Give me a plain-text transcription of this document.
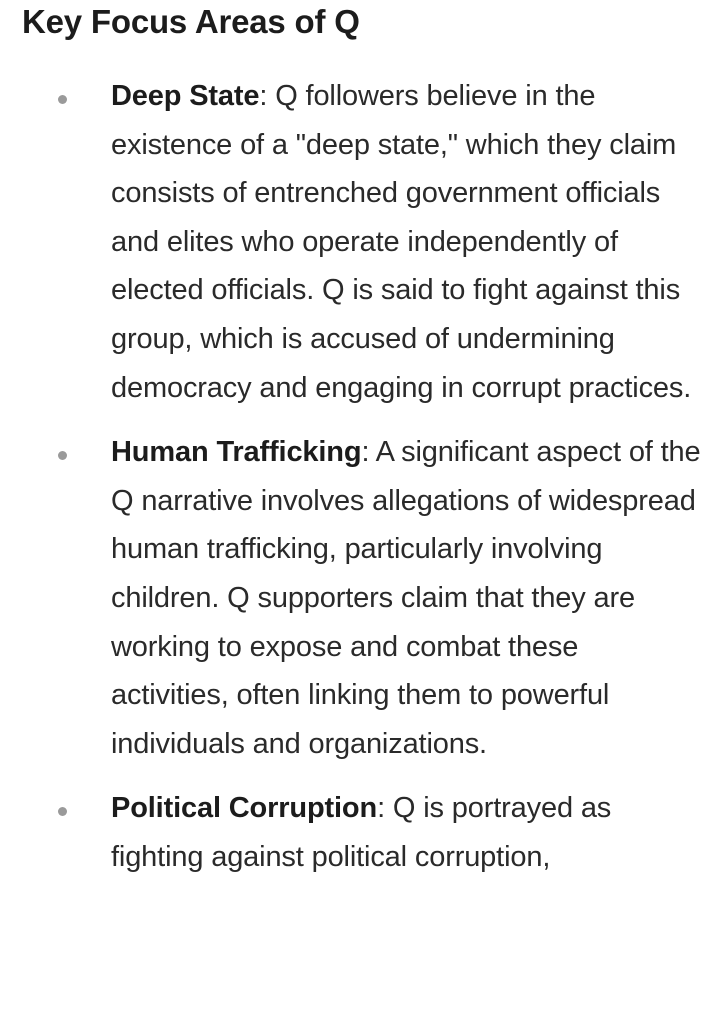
Key Focus Areas of Q
Deep State: Q followers believe in the existence of a "deep state," which they claim consists of entrenched government officials and elites who operate independently of elected officials. Q is said to fight against this group, which is accused of undermining democracy and engaging in corrupt practices.
Human Trafficking: A significant aspect of the Q narrative involves allegations of widespread human trafficking, particularly involving children. Q supporters claim that they are working to expose and combat these activities, often linking them to powerful individuals and organizations.
Political Corruption: Q is portrayed as fighting against political corruption,
